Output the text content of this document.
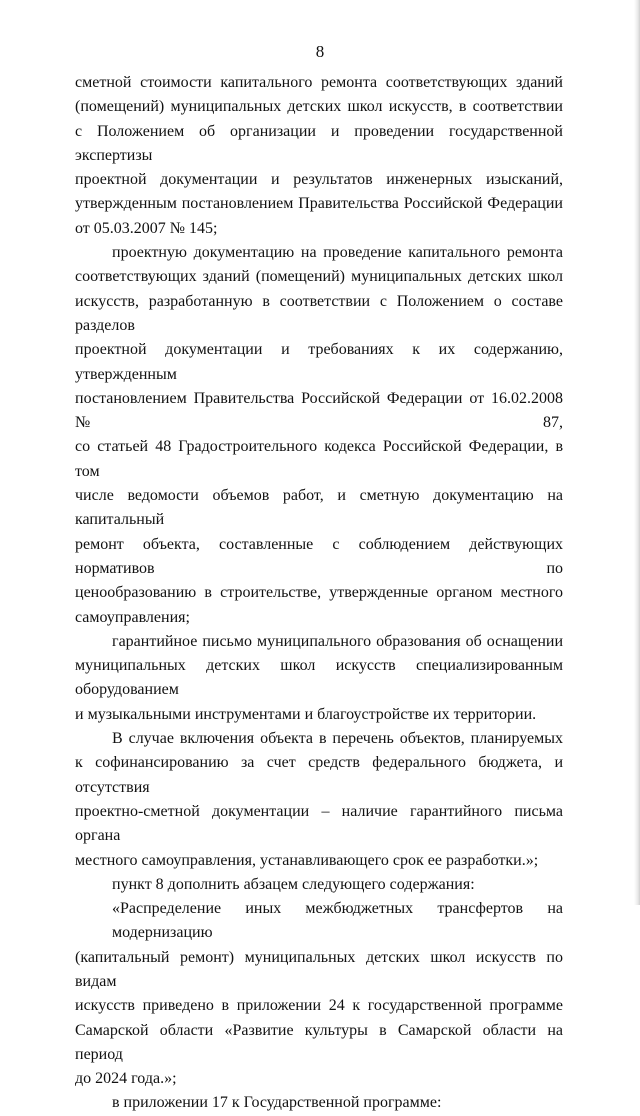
8
сметной стоимости капитального ремонта соответствующих зданий
(помещений) муниципальных детских школ искусств, в соответствии
с Положением об организации и проведении государственной экспертизы
проектной документации и результатов инженерных изысканий,
утвержденным постановлением Правительства Российской Федерации
от 05.03.2007 № 145;
проектную документацию на проведение капитального ремонта
соответствующих зданий (помещений) муниципальных детских школ
искусств, разработанную в соответствии с Положением о составе разделов
проектной документации и требованиях к их содержанию, утвержденным
постановлением Правительства Российской Федерации от 16.02.2008 № 87,
со статьей 48 Градостроительного кодекса Российской Федерации, в том
числе ведомости объемов работ, и сметную документацию на капитальный
ремонт объекта, составленные с соблюдением действующих нормативов по
ценообразованию в строительстве, утвержденные органом местного
самоуправления;
гарантийное письмо муниципального образования об оснащении
муниципальных детских школ искусств специализированным оборудованием
и музыкальными инструментами и благоустройстве их территории.
В случае включения объекта в перечень объектов, планируемых
к софинансированию за счет средств федерального бюджета, и отсутствия
проектно-сметной документации – наличие гарантийного письма органа
местного самоуправления, устанавливающего срок ее разработки.»;
пункт 8 дополнить абзацем следующего содержания:
«Распределение иных межбюджетных трансфертов на модернизацию
(капитальный ремонт) муниципальных детских школ искусств по видам
искусств приведено в приложении 24 к государственной программе
Самарской области «Развитие культуры в Самарской области на период
до 2024 года.»;
в приложении 17 к Государственной программе:
